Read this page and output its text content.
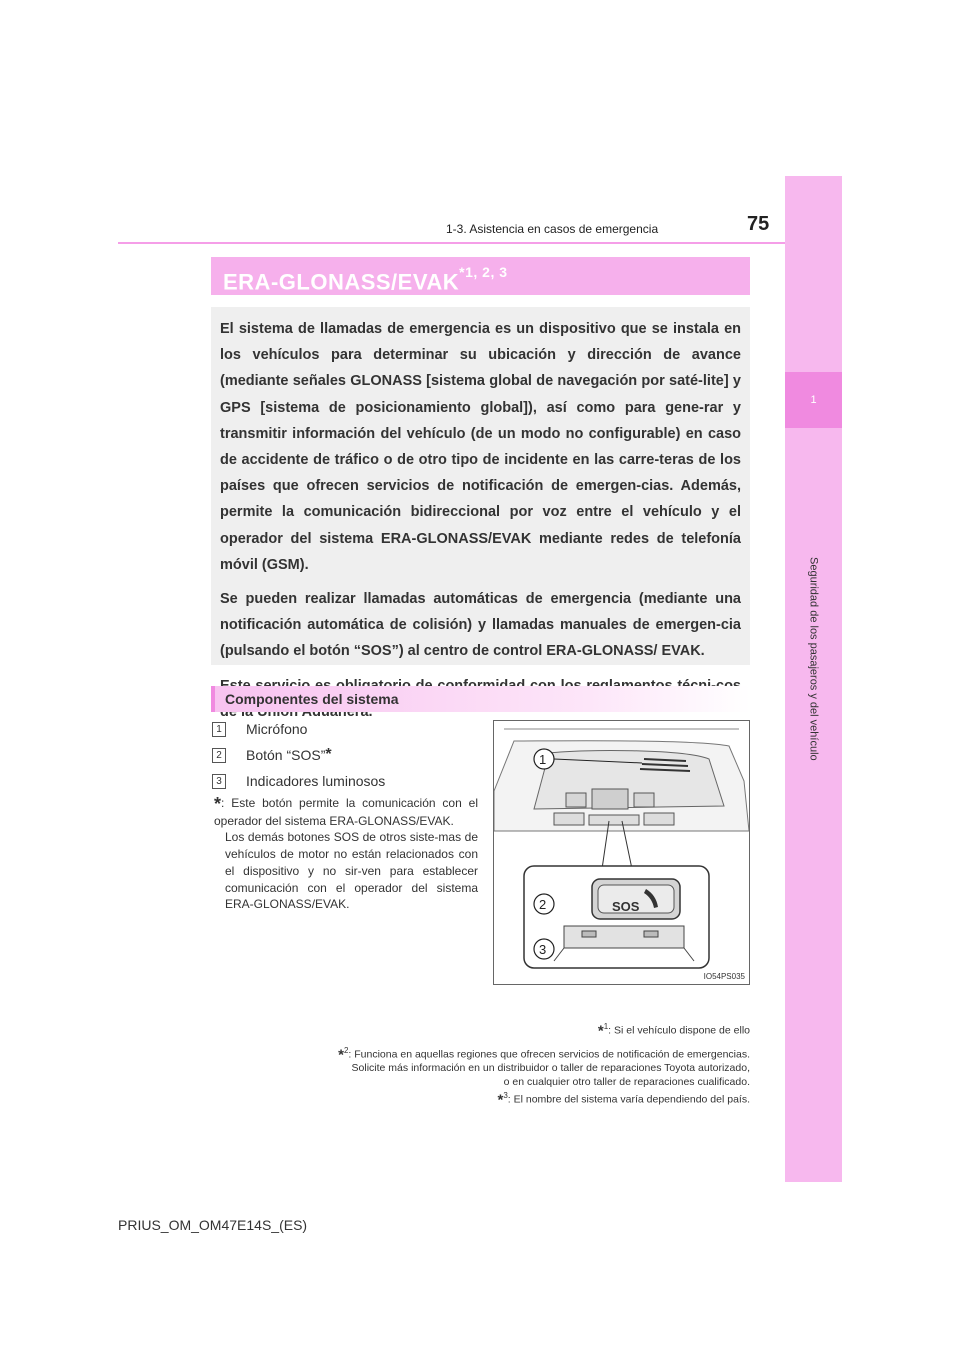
1
Seguridad de los pasajeros y del vehículo
1-3. Asistencia en casos de emergencia	75
ERA-GLONASS/EVAK$^{*1, 2, 3}$

El sistema de llamadas de emergencia es un dispositivo que se instala en los vehículos para determinar su ubicación y dirección de avance (mediante señales GLONASS [sistema global de navegación por saté-lite] y GPS [sistema de posicionamiento global]), así como para gene-rar y transmitir información del vehículo (de un modo no configurable) en caso de accidente de tráfico o de otro tipo de incidente en las carre-teras de los países que ofrecen servicios de notificación de emergen-cias. Además, permite la comunicación bidireccional por voz entre el vehículo y el operador del sistema ERA-GLONASS/EVAK mediante redes de telefonía móvil (GSM).

Se pueden realizar llamadas automáticas de emergencia (mediante una notificación automática de colisión) y llamadas manuales de emergen-cia (pulsando el botón “SOS”) al centro de control ERA-GLONASS/ EVAK.

Componentes del sistema
1	Micrófono
2	Botón “SOS” *
3	Indicadores luminosos
*: Este botón permite la comunicación con el operador del sistema ERA-GLONASS/EVAK.
Los demás botones SOS de otros siste-mas de vehículos de motor no están relacionados con el dispositivo y no sir-ven para establecer comunicación con el operador del sistema ERA-GLONASS/EVAK.	SOS
1
2
3
IO54PS035
*$^1$: Si el vehículo dispone de ello
*$^2$: Funciona en aquellas regiones que ofrecen servicios de notificación de emergencias.
Solicite más información en un distribuidor o taller de reparaciones Toyota autorizado,
o en cualquier otro taller de reparaciones cualificado.
*$^3$: El nombre del sistema varía dependiendo del país.
PRIUS_OM_OM47E14S_(ES)
